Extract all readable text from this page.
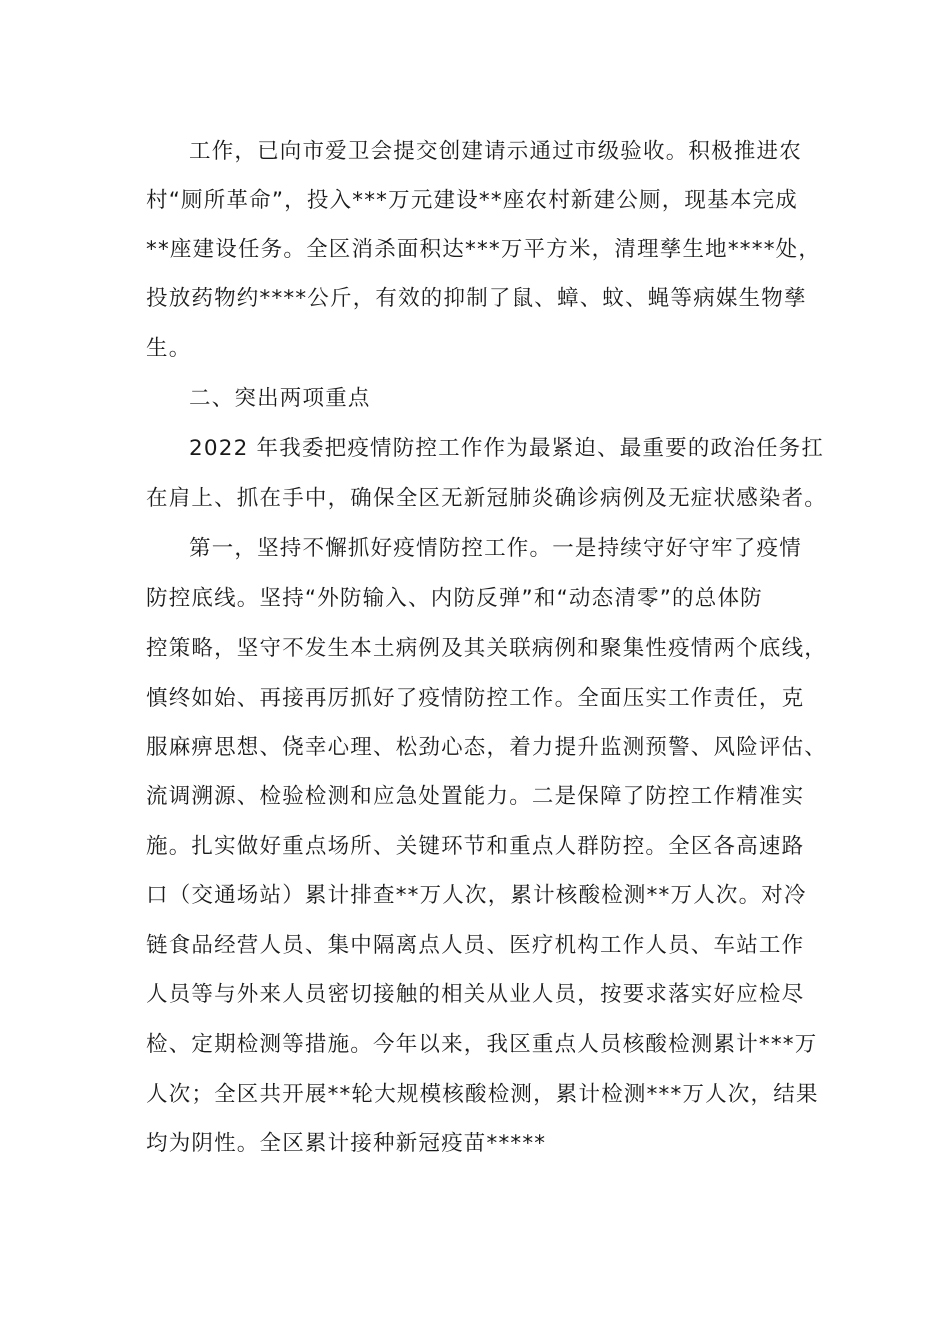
工作，已向市爱卫会提交创建请示通过市级验收。积极推进农
村“厕所革命”，投入***万元建设**座农村新建公厕，现基本完成
**座建设任务。全区消杀面积达***万平方米，清理孳生地****处，
投放药物约****公斤，有效的抑制了鼠、蟑、蚊、蝇等病媒生物孳
生。
二、突出两项重点
2022 年我委把疫情防控工作作为最紧迫、最重要的政治任务扛
在肩上、抓在手中，确保全区无新冠肺炎确诊病例及无症状感染者。
第一，坚持不懈抓好疫情防控工作。一是持续守好守牢了疫情
防控底线。坚持“外防输入、内防反弹”和“动态清零”的总体防
控策略，坚守不发生本土病例及其关联病例和聚集性疫情两个底线，
慎终如始、再接再厉抓好了疫情防控工作。全面压实工作责任，克
服麻痹思想、侥幸心理、松劲心态，着力提升监测预警、风险评估、
流调溯源、检验检测和应急处置能力。二是保障了防控工作精准实
施。扎实做好重点场所、关键环节和重点人群防控。全区各高速路
口（交通场站）累计排查**万人次，累计核酸检测**万人次。对冷
链食品经营人员、集中隔离点人员、医疗机构工作人员、车站工作
人员等与外来人员密切接触的相关从业人员，按要求落实好应检尽
检、定期检测等措施。今年以来，我区重点人员核酸检测累计***万
人次；全区共开展**轮大规模核酸检测，累计检测***万人次，结果
均为阴性。全区累计接种新冠疫苗*****
